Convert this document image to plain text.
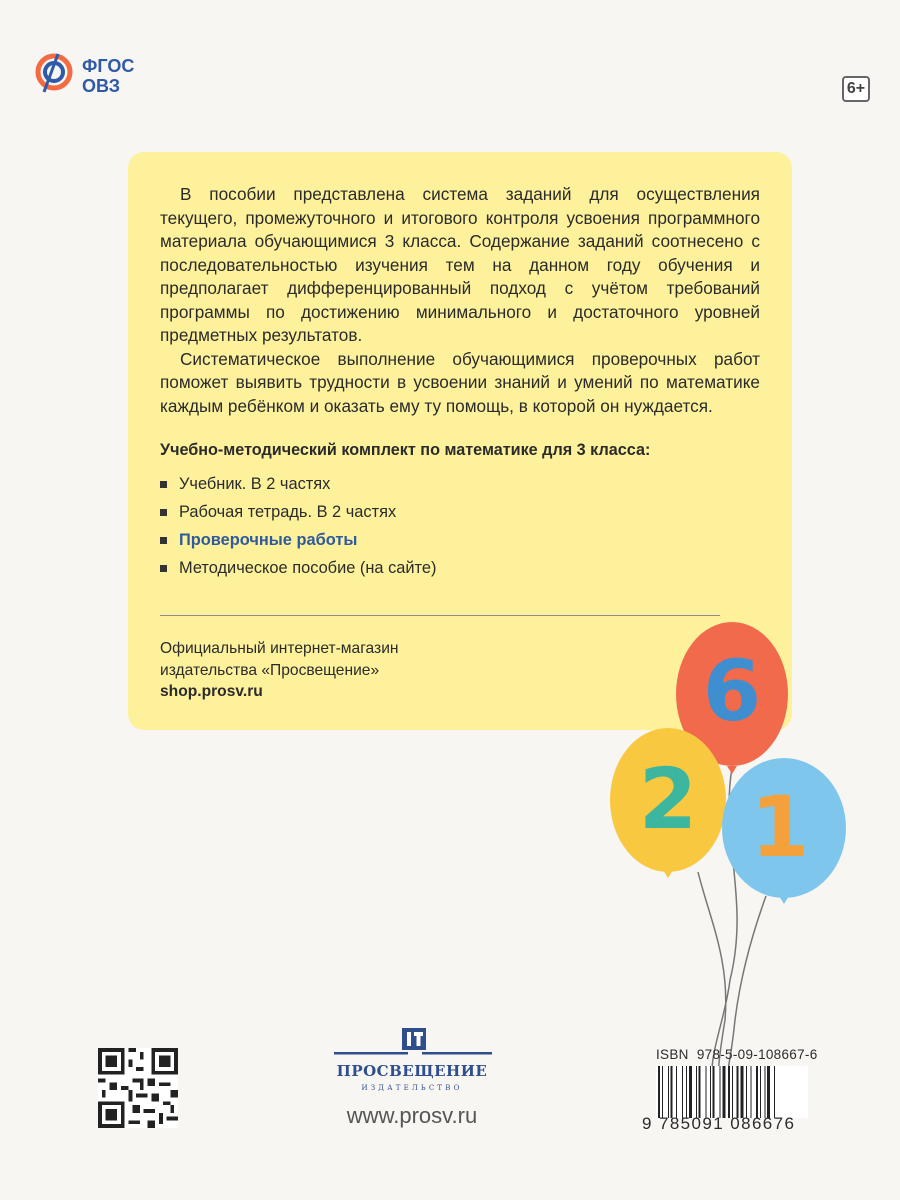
ФГОС
ОВЗ	6+

В пособии представлена система заданий для осуществления текущего, промежуточного и итогового контроля усвоения программного материала обучающимися 3 класса. Содержание заданий соотнесено с последовательностью изучения тем на данном году обучения и предполагает дифференцированный подход с учётом требований программы по достижению минимального и достаточного уровней предметных результатов.

Систематическое выполнение обучающимися проверочных работ поможет выявить трудности в усвоении знаний и умений по математике каждым ребёнком и оказать ему ту помощь, в которой он нуждается.

Учебно-методический комплект по математике для 3 класса:
Учебник. В 2 частях
Рабочая тетрадь. В 2 частях
Проверочные работы
Методическое пособие (на сайте)
Официальный интернет-магазин
издательства «Просвещение»
shop.prosv.ru	6
2 1
ПРОСВЕЩЕНИЕ
ИЗДАТЕЛЬСТВО
www.prosv.ru
ISBN 978-5-09-108667-6
9 785091 086676
